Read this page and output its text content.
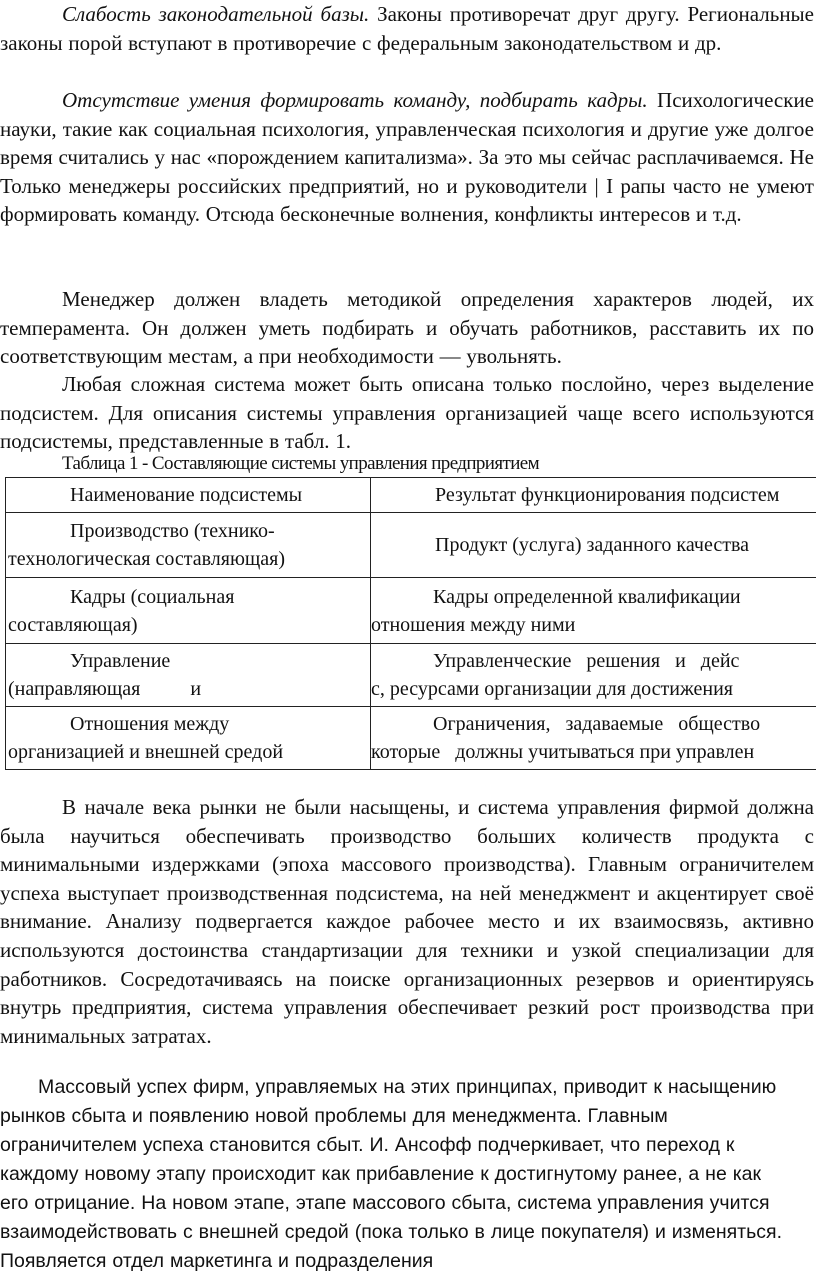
Слабость законодательной базы. Законы противоречат друг другу. Региональные законы порой вступают в противоречие с федеральным законодательством и др.

Отсутствие умения формировать команду, подбирать кадры. Психологические науки, такие как социальная психология, управленческая психология и другие уже долгое время считались у нас «порождением капитализма». За это мы сейчас расплачиваемся. Не Только менеджеры российских предприятий, но и руководители | I рапы часто не умеют формировать команду. Отсюда бесконечные волнения, конфликты интересов и т.д.

Менеджер должен владеть методикой определения характеров людей, их темперамента. Он должен уметь подбирать и обучать работников, расставить их по соответствующим местам, а при необходимости — увольнять.

Любая сложная система может быть описана только послойно, через выделение подсистем. Для описания системы управления организацией чаще всего используются подсистемы, представленные в табл. 1.

Таблица 1 - Составляющие системы управления предприятием

Наименование подсистемы	Результат функционирования подсистем
Производство (технико-
технологическая составляющая)	Продукт (услуга) заданного качества
Кадры (социальная
составляющая)	Кадры определенной квалификации
отношения между ними
Управление
(направляющая          и	Управленческие   решения   и   дейс
с, ресурсами организации для достижения
Отношения между
организацией и внешней средой	Ограничения,   задаваемые   общество
которые   должны учитываться при управлен

В начале века рынки не были насыщены, и система управления фирмой должна была научиться обеспечивать производство больших количеств продукта с минимальными издержками (эпоха массового производства). Главным ограничителем успеха выступает производственная подсистема, на ней менеджмент и акцентирует своё внимание. Анализу подвергается каждое рабочее место и их взаимосвязь, активно используются достоинства стандартизации для техники и узкой специализации для работников. Сосредотачиваясь на поиске организационных резервов и ориентируясь внутрь предприятия, система управления обеспечивает резкий рост производства при минимальных затратах.

Массовый успех фирм, управляемых на этих принципах, приводит к насыщению рынков сбыта и появлению новой проблемы для менеджмента. Главным ограничителем успеха становится сбыт. И. Ансофф подчеркивает, что переход к каждому новому этапу происходит как прибавление к достигнутому ранее, а не как его отрицание. На новом этапе, этапе массового сбыта, система управления учится взаимодействовать с внешней средой (пока только в лице покупателя) и изменяться. Появляется отдел маркетинга и подразделения
